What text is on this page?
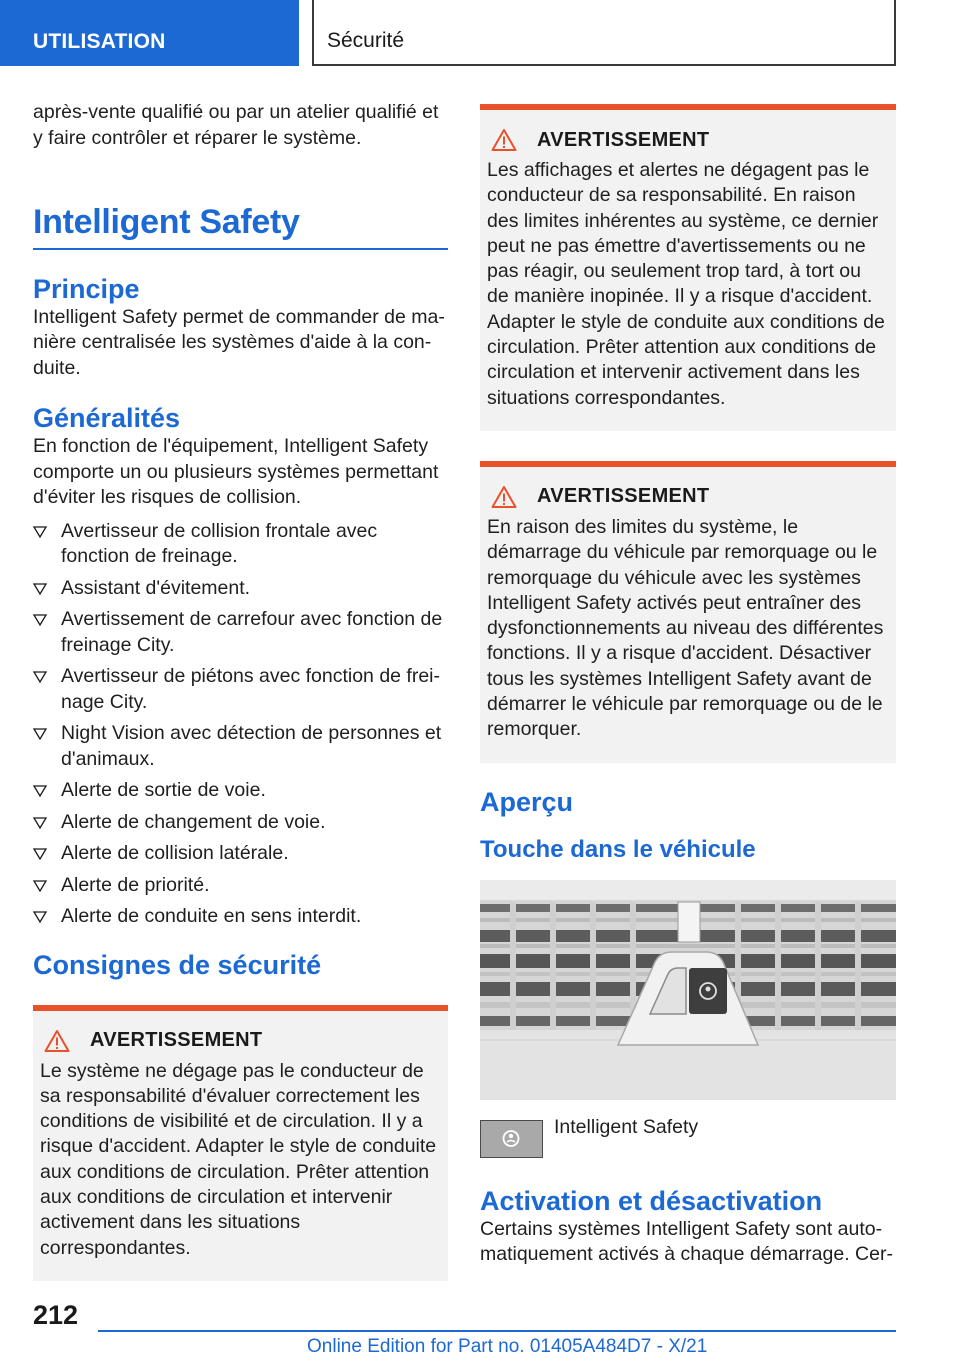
UTILISATION	Sécurité

après-vente qualifié ou par un atelier qualifié et y faire contrôler et réparer le système.

Intelligent Safety
Principe

Intelligent Safety permet de commander de manière centralisée les systèmes d'aide à la conduite.

Généralités

En fonction de l'équipement, Intelligent Safety comporte un ou plusieurs systèmes permettant d'éviter les risques de collision.

Avertisseur de collision frontale avec fonction de freinage.
Assistant d'évitement.
Avertissement de carrefour avec fonction de freinage City.
Avertisseur de piétons avec fonction de freinage City.
Night Vision avec détection de personnes et d'animaux.
Alerte de sortie de voie.
Alerte de changement de voie.
Alerte de collision latérale.
Alerte de priorité.
Alerte de conduite en sens interdit.
Consignes de sécurité
AVERTISSEMENT

Le système ne dégage pas le conducteur de sa responsabilité d'évaluer correctement les conditions de visibilité et de circulation. Il y a risque d'accident. Adapter le style de conduite aux conditions de circulation. Prêter attention aux conditions de circulation et intervenir activement dans les situations correspondantes.

AVERTISSEMENT

Les affichages et alertes ne dégagent pas le conducteur de sa responsabilité. En raison des limites inhérentes au système, ce dernier peut ne pas émettre d'avertissements ou ne pas réagir, ou seulement trop tard, à tort ou de manière inopinée. Il y a risque d'accident. Adapter le style de conduite aux conditions de circulation. Prêter attention aux conditions de circulation et intervenir activement dans les situations correspondantes.

AVERTISSEMENT

En raison des limites du système, le démarrage du véhicule par remorquage ou le remorquage du véhicule avec les systèmes Intelligent Safety activés peut entraîner des dysfonctionnements au niveau des différentes fonctions. Il y a risque d'accident. Désactiver tous les systèmes Intelligent Safety avant de démarrer le véhicule par remorquage ou de le remorquer.

Aperçu
Touche dans le véhicule

Intelligent Safety

Activation et désactivation

Certains systèmes Intelligent Safety sont automatiquement activés à chaque démarrage. Cer-

212
Online Edition for Part no. 01405A484D7 - X/21
